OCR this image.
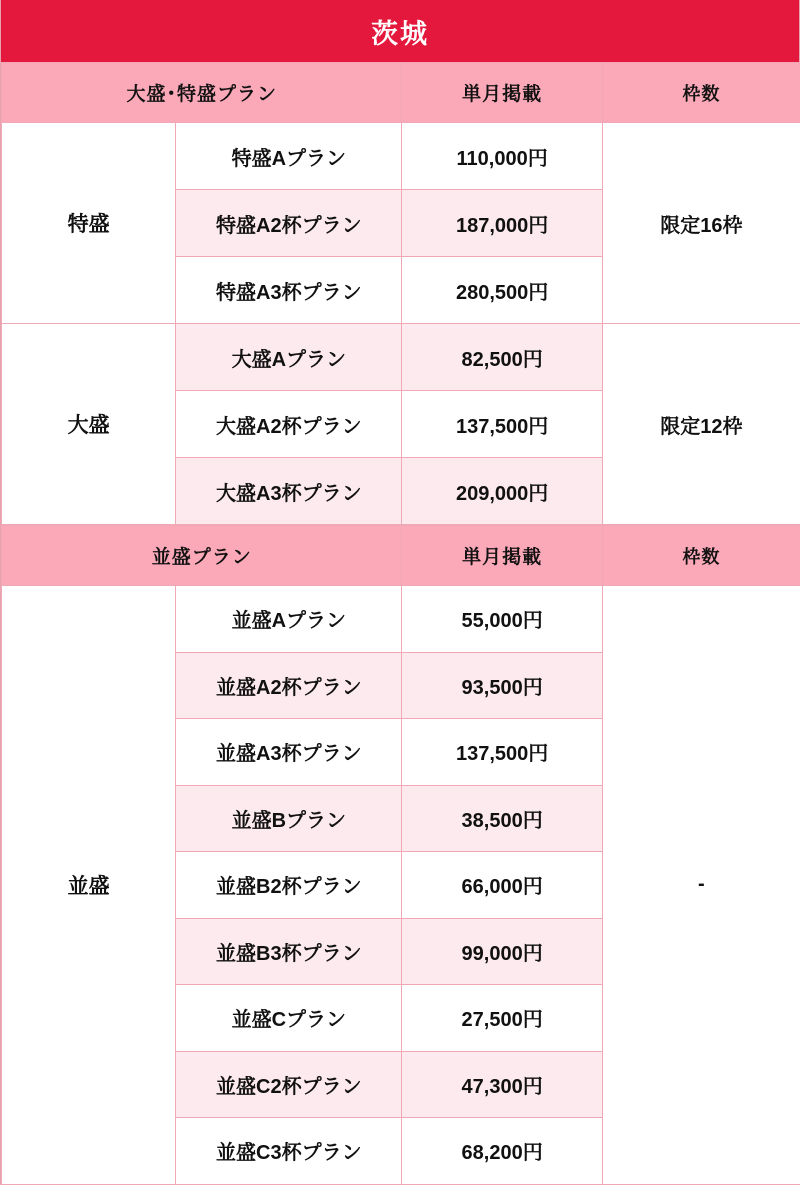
茨城
大盛･特盛プラン		単月掲載	枠数
特盛	特盛Aプラン	110,000円	限定16枠
	特盛A2杯プラン	187,000円	
	特盛A3杯プラン	280,500円	
大盛	大盛Aプラン	82,500円	限定12枠
	大盛A2杯プラン	137,500円	
	大盛A3杯プラン	209,000円	
並盛プラン		単月掲載	枠数
並盛	並盛Aプラン	55,000円	-
	並盛A2杯プラン	93,500円	
	並盛A3杯プラン	137,500円	
	並盛Bプラン	38,500円	
	並盛B2杯プラン	66,000円	
	並盛B3杯プラン	99,000円	
	並盛Cプラン	27,500円	
	並盛C2杯プラン	47,300円	
	並盛C3杯プラン	68,200円	
